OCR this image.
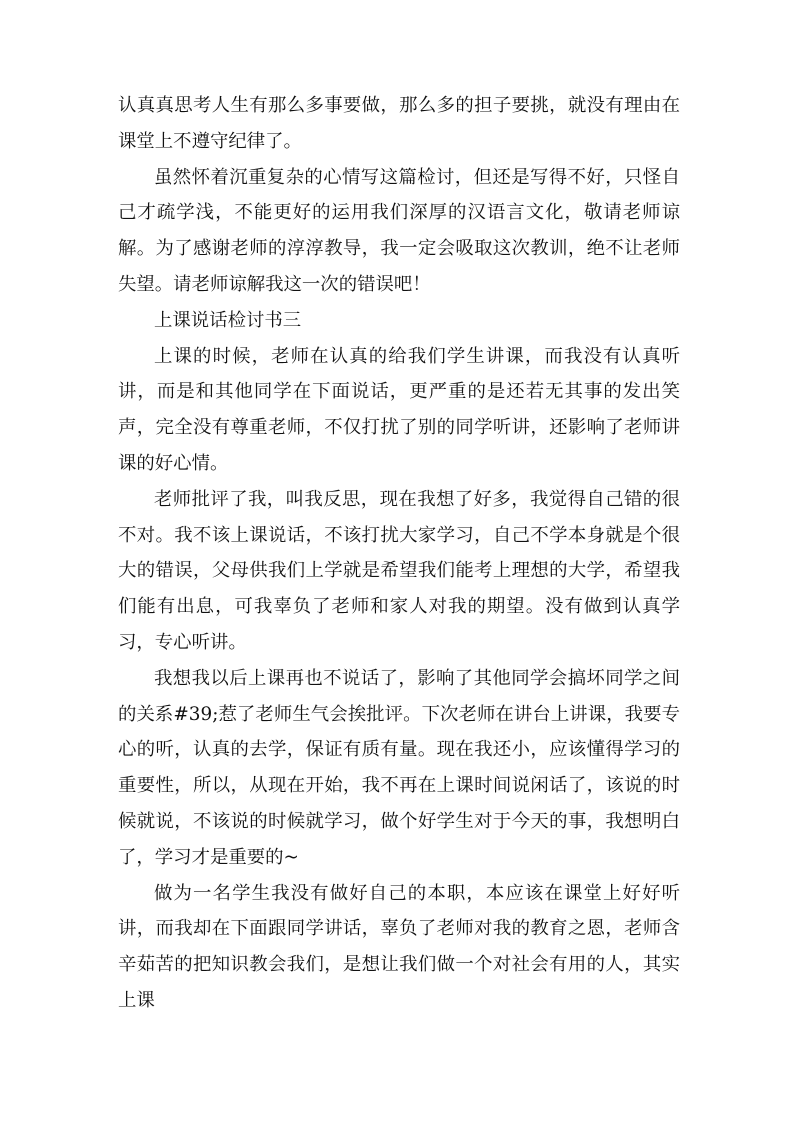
认真真思考人生有那么多事要做，那么多的担子要挑，就没有理由在课堂上不遵守纪律了。

虽然怀着沉重复杂的心情写这篇检讨，但还是写得不好，只怪自己才疏学浅，不能更好的运用我们深厚的汉语言文化，敬请老师谅解。为了感谢老师的淳淳教导，我一定会吸取这次教训，绝不让老师失望。请老师谅解我这一次的错误吧！

上课说话检讨书三

上课的时候，老师在认真的给我们学生讲课，而我没有认真听讲，而是和其他同学在下面说话，更严重的是还若无其事的发出笑声，完全没有尊重老师，不仅打扰了别的同学听讲，还影响了老师讲课的好心情。

老师批评了我，叫我反思，现在我想了好多，我觉得自己错的很不对。我不该上课说话，不该打扰大家学习，自己不学本身就是个很大的错误，父母供我们上学就是希望我们能考上理想的大学，希望我们能有出息，可我辜负了老师和家人对我的期望。没有做到认真学习，专心听讲。

我想我以后上课再也不说话了，影响了其他同学会搞坏同学之间的关系#39;惹了老师生气会挨批评。下次老师在讲台上讲课，我要专心的听，认真的去学，保证有质有量。现在我还小，应该懂得学习的重要性，所以，从现在开始，我不再在上课时间说闲话了，该说的时候就说，不该说的时候就学习，做个好学生对于今天的事，我想明白了，学习才是重要的~

做为一名学生我没有做好自己的本职，本应该在课堂上好好听讲，而我却在下面跟同学讲话，辜负了老师对我的教育之恩，老师含辛茹苦的把知识教会我们，是想让我们做一个对社会有用的人，其实上课
